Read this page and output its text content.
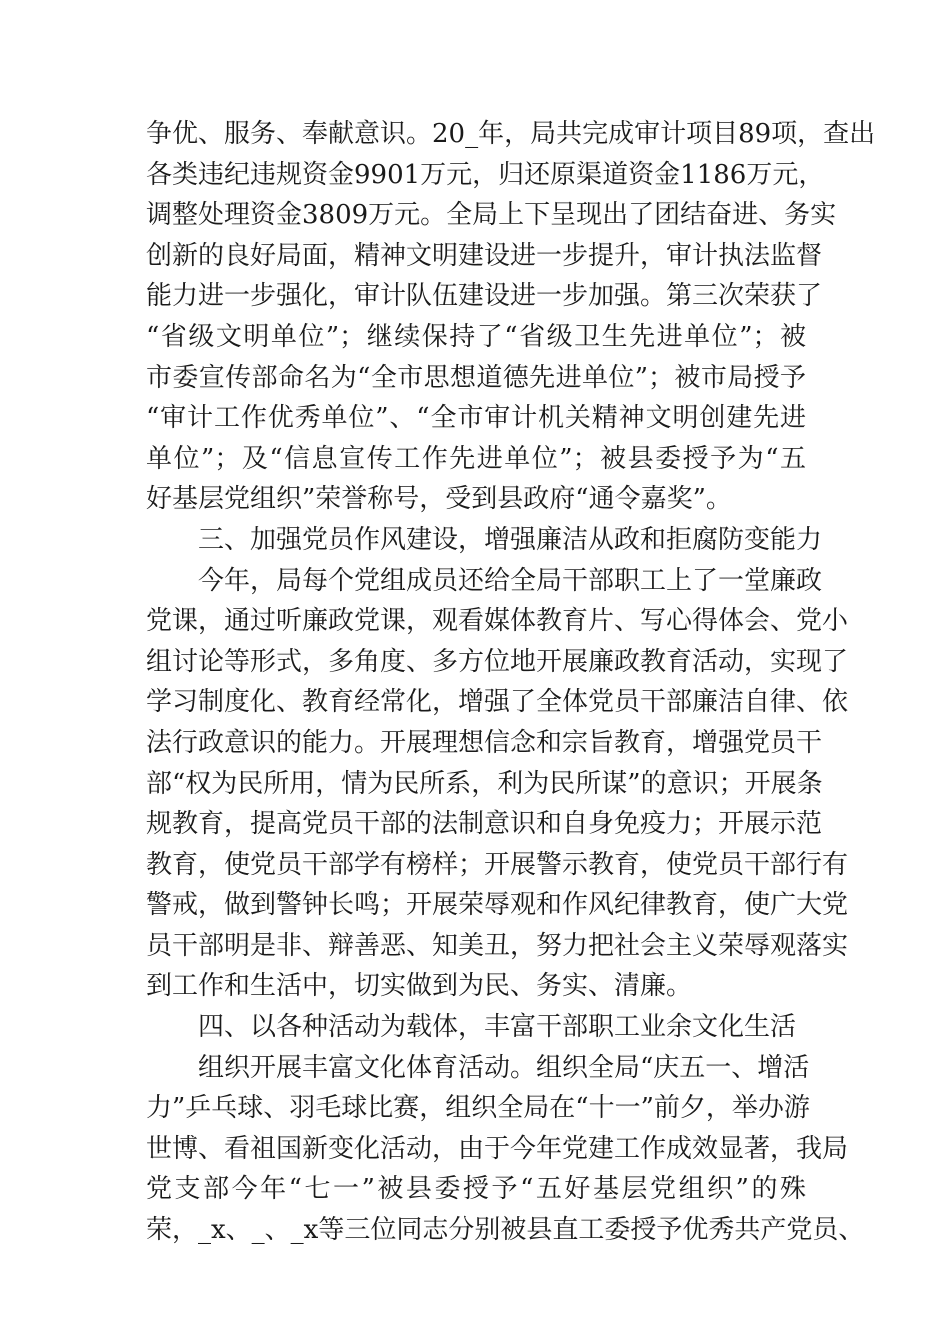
争优、服务、奉献意识。20_年，局共完成审计项目89项，查出
各类违纪违规资金9901万元，归还原渠道资金1186万元，
调整处理资金3809万元。全局上下呈现出了团结奋进、务实
创新的良好局面，精神文明建设进一步提升，审计执法监督
能力进一步强化，审计队伍建设进一步加强。第三次荣获了
“省级文明单位”；继续保持了“省级卫生先进单位”；被
市委宣传部命名为“全市思想道德先进单位”；被市局授予
“审计工作优秀单位”、“全市审计机关精神文明创建先进
单位”；及“信息宣传工作先进单位”；被县委授予为“五
好基层党组织”荣誉称号，受到县政府“通令嘉奖”。
三、加强党员作风建设，增强廉洁从政和拒腐防变能力
今年，局每个党组成员还给全局干部职工上了一堂廉政
党课，通过听廉政党课，观看媒体教育片、写心得体会、党小
组讨论等形式，多角度、多方位地开展廉政教育活动，实现了
学习制度化、教育经常化，增强了全体党员干部廉洁自律、依
法行政意识的能力。开展理想信念和宗旨教育，增强党员干
部“权为民所用，情为民所系，利为民所谋”的意识；开展条
规教育，提高党员干部的法制意识和自身免疫力；开展示范
教育，使党员干部学有榜样；开展警示教育，使党员干部行有
警戒，做到警钟长鸣；开展荣辱观和作风纪律教育，使广大党
员干部明是非、辩善恶、知美丑，努力把社会主义荣辱观落实
到工作和生活中，切实做到为民、务实、清廉。
四、以各种活动为载体，丰富干部职工业余文化生活
组织开展丰富文化体育活动。组织全局“庆五一、增活
力”乒乓球、羽毛球比赛，组织全局在“十一”前夕，举办游
世博、看祖国新变化活动，由于今年党建工作成效显著，我局
党支部今年“七一”被县委授予“五好基层党组织”的殊
荣，_x、_、_x等三位同志分别被县直工委授予优秀共产党员、
